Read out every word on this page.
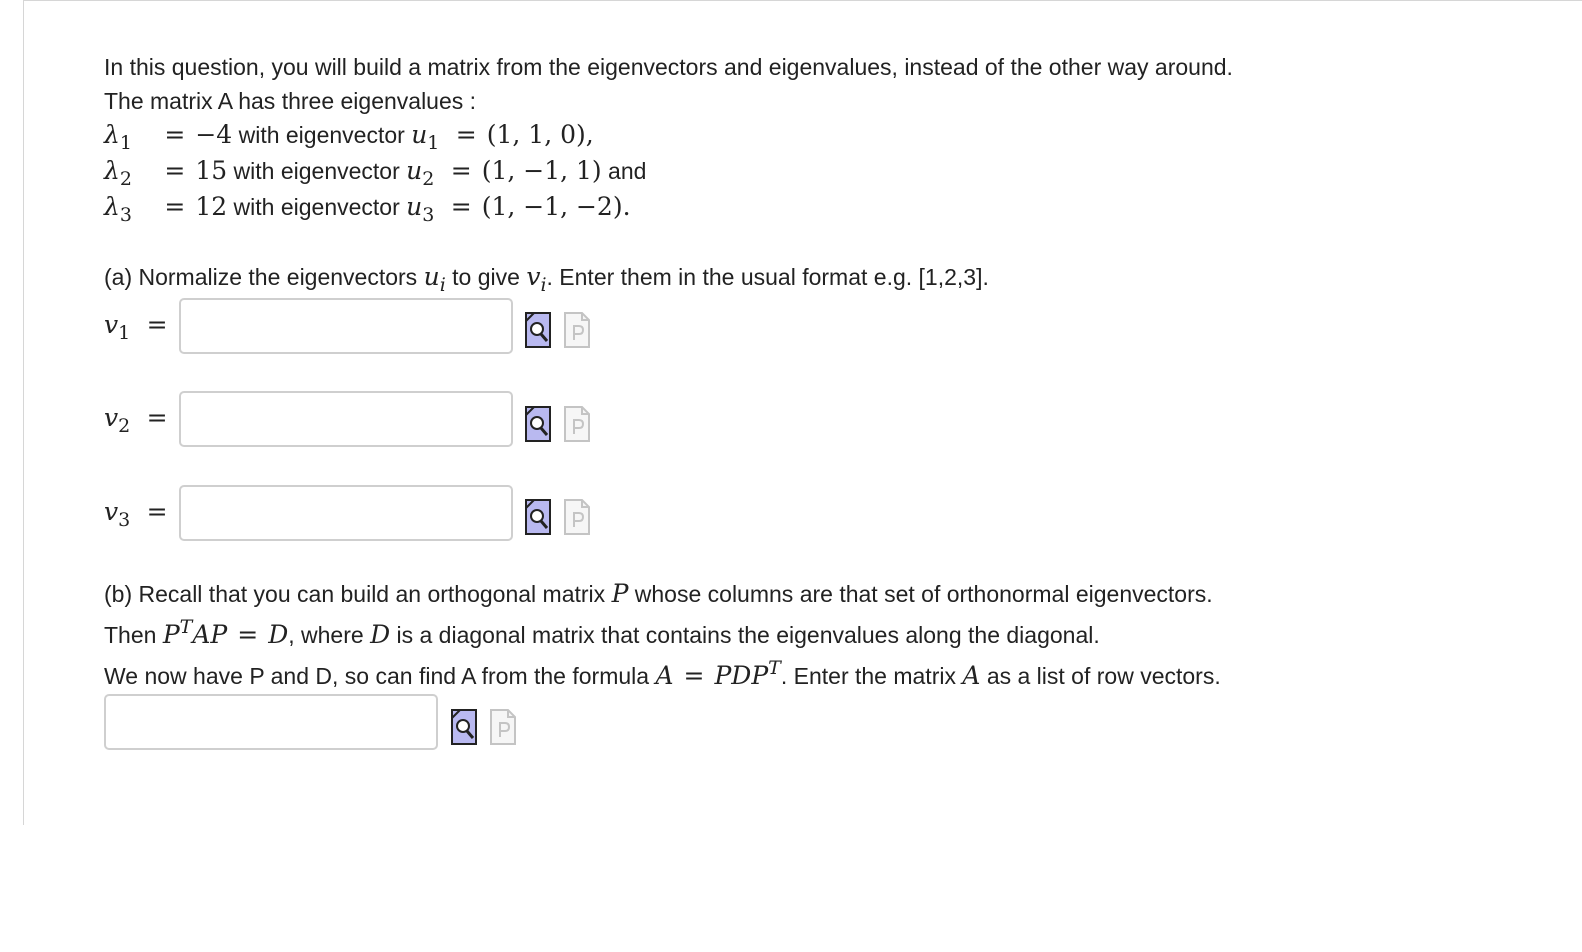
In this question, you will build a matrix from the eigenvectors and eigenvalues, instead of the other way around.
The matrix A has three eigenvalues :
$\lambda_1 = -4$ with eigenvector $u_1 = (1$, 1, 0),
$\lambda_2 = 15$ with eigenvector $u_2 = (1$, −1, 1) and
$\lambda_3 = 12$ with eigenvector $u_3 = (1$, −1, −2).
(a) Normalize the eigenvectors $u_i$ to give $v_i$. Enter them in the usual format e.g. [1,2,3].
$v_1$ =
$v_2$ =
$v_3$ =
(b) Recall that you can build an orthogonal matrix P whose columns are that set of orthonormal eigenvectors.
Then $P^TAP = D$, where D is a diagonal matrix that contains the eigenvalues along the diagonal.
We now have P and D, so can find A from the formula $A = PDP^T$. Enter the matrix A as a list of row vectors.
